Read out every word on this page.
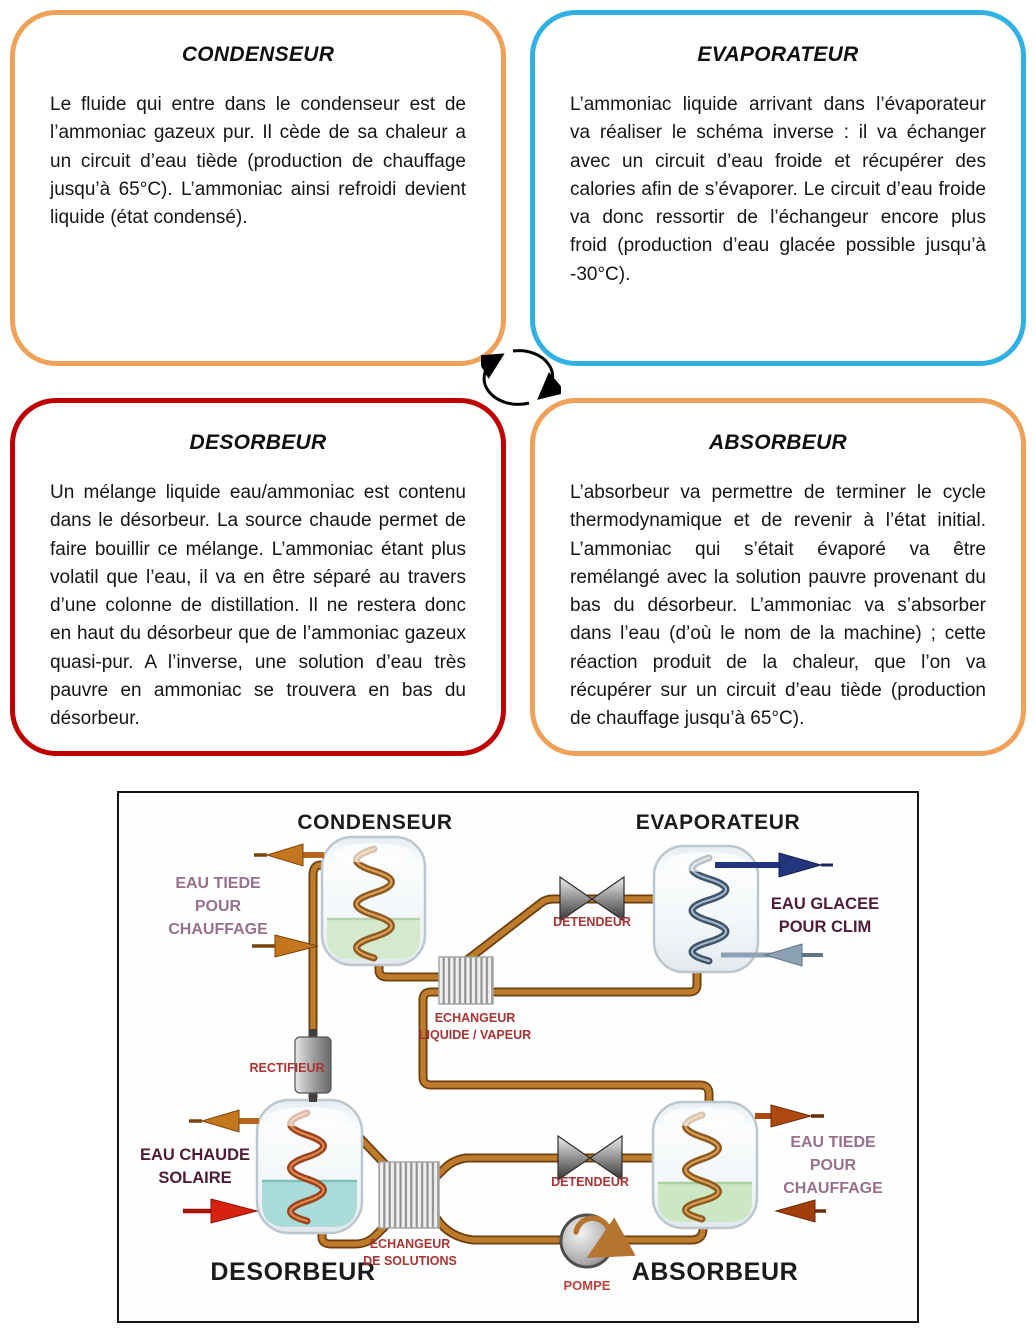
CONDENSEUR

Le fluide qui entre dans le condenseur est de l’ammoniac gazeux pur. Il cède de sa chaleur a un circuit d’eau tiède (production de chauffage jusqu’à 65°C). L’ammoniac ainsi refroidi devient liquide (état condensé).

EVAPORATEUR

L’ammoniac liquide arrivant dans l’évaporateur va réaliser le schéma inverse : il va échanger avec un circuit d’eau froide et récupérer des calories afin de s’évaporer. Le circuit d’eau froide va donc ressortir de l’échangeur encore plus froid (production d’eau glacée possible jusqu’à -30°C).

DESORBEUR

Un mélange liquide eau/ammoniac est contenu dans le désorbeur. La source chaude permet de faire bouillir ce mélange. L’ammoniac étant plus volatil que l’eau, il va en être séparé au travers d’une colonne de distillation. Il ne restera donc en haut du désorbeur que de l’ammoniac gazeux quasi-pur. A l’inverse, une solution d’eau très pauvre en ammoniac se trouvera en bas du désorbeur.

ABSORBEUR

L’absorbeur va permettre de terminer le cycle thermodynamique et de revenir à l’état initial. L’ammoniac qui s’était évaporé va être remélangé avec la solution pauvre provenant du bas du désorbeur. L’ammoniac va s’absorber dans l’eau (d’où le nom de la machine) ; cette réaction produit de la chaleur, que l’on va récupérer sur un circuit d’eau tiède (production de chauffage jusqu’à 65°C).

CONDENSEUR	EVAPORATEUR
DESORBEUR	ABSORBEUR
RECTIFIEUR
DETENDEUR
DETENDEUR
ECHANGEUR
LIQUIDE / VAPEUR
ECHANGEUR
DE SOLUTIONS
POMPE
EAU TIEDE
POUR
CHAUFFAGE
EAU GLACEE
POUR CLIM
EAU CHAUDE
SOLAIRE
EAU TIEDE
POUR
CHAUFFAGE
